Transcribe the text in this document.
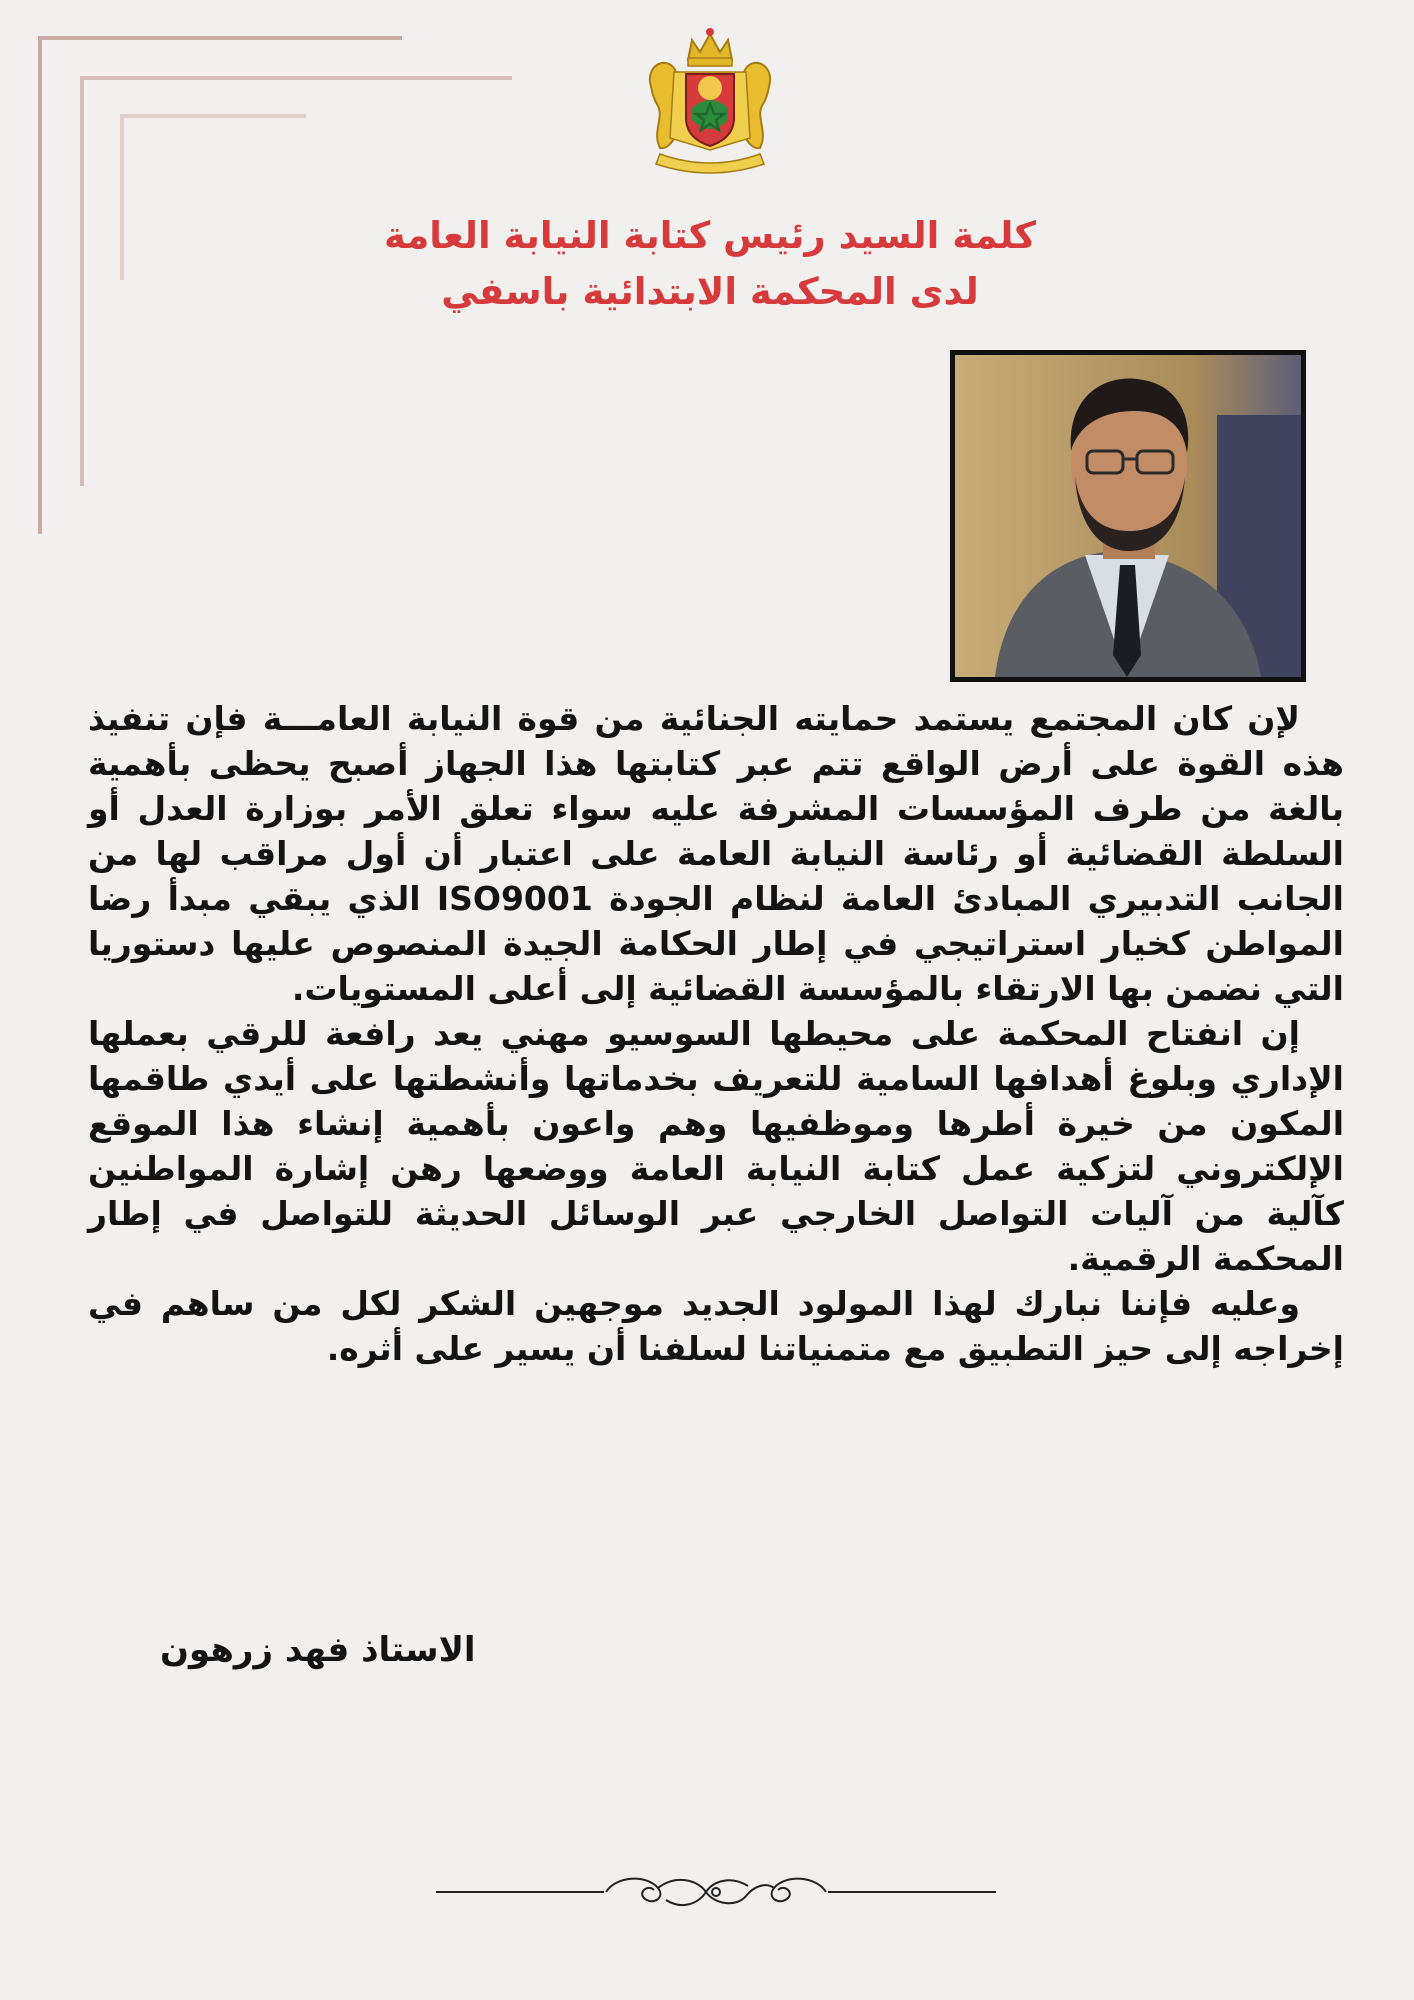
كلمة السيد رئيس كتابة النيابة العامة
لدى المحكمة الابتدائية باسفي

لإن كان المجتمع يستمد حمايته الجنائية من قوة النيابة العامـــة فإن تنفيذ هذه القوة على أرض الواقع تتم عبر كتابتها هذا الجهاز أصبح يحظى بأهمية بالغة من طرف المؤسسات المشرفة عليه سواء تعلق الأمر بوزارة العدل أو السلطة القضائية أو رئاسة النيابة العامة على اعتبار أن أول مراقب لها من الجانب التدبيري المبادئ العامة لنظام الجودة ISO9001 الذي يبقي مبدأ رضا المواطن كخيار استراتيجي في إطار الحكامة الجيدة المنصوص عليها دستوريا التي نضمن بها الارتقاء بالمؤسسة القضائية إلى أعلى المستويات.

إن انفتاح المحكمة على محيطها السوسيو مهني يعد رافعة للرقي بعملها الإداري وبلوغ أهدافها السامية للتعريف بخدماتها وأنشطتها على أيدي طاقمها المكون من خيرة أطرها وموظفيها وهم واعون بأهمية إنشاء هذا الموقع الإلكتروني لتزكية عمل كتابة النيابة العامة ووضعها رهن إشارة المواطنين كآلية من آليات التواصل الخارجي عبر الوسائل الحديثة للتواصل في إطار المحكمة الرقمية.

وعليه فإننا نبارك لهذا المولود الجديد موجهين الشكر لكل من ساهم في إخراجه إلى حيز التطبيق مع متمنياتنا لسلفنا أن يسير على أثره.

الاستاذ فهد زرهون
